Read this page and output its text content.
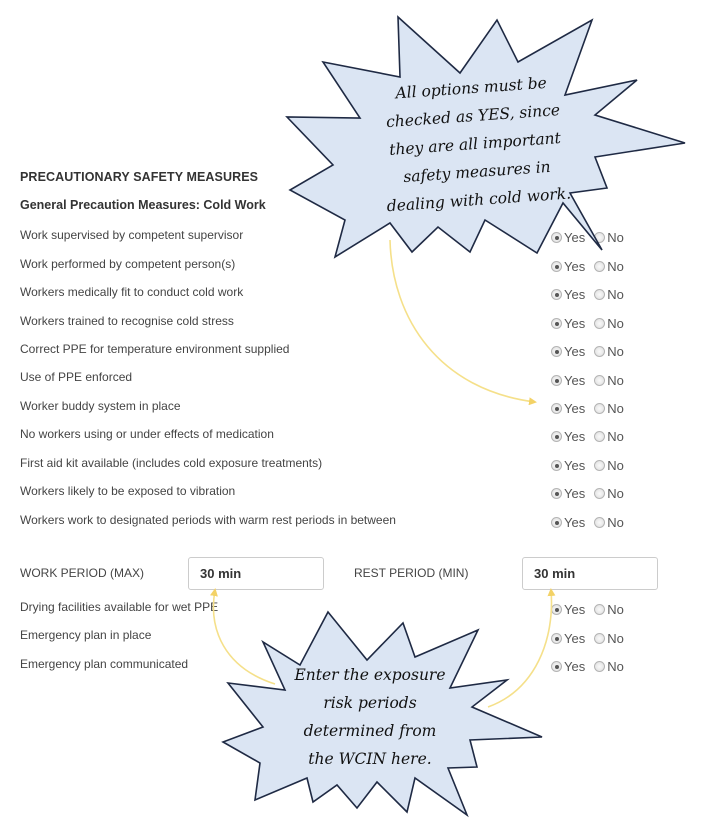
PRECAUTIONARY SAFETY MEASURES
General Precaution Measures: Cold Work
Work supervised by competent supervisor
Work performed by competent person(s)
Workers medically fit to conduct cold work
Workers trained to recognise cold stress
Correct PPE for temperature environment supplied
Use of PPE enforced
Worker buddy system in place
No workers using or under effects of medication
First aid kit available (includes cold exposure treatments)
Workers likely to be exposed to vibration
Workers work to designated periods with warm rest periods in between
Yes No
Yes No
Yes No
Yes No
Yes No
Yes No
Yes No
Yes No
Yes No
Yes No
Yes No
WORK PERIOD (MAX)
30 min	REST PERIOD (MIN)
30 min
Drying facilities available for wet PPE
Emergency plan in place
Emergency plan communicated
Yes No
Yes No
Yes No
All options must be
checked as YES, since
they are all important
safety measures in
dealing with cold work.
Enter the exposure
risk periods
determined from
the WCIN here.
